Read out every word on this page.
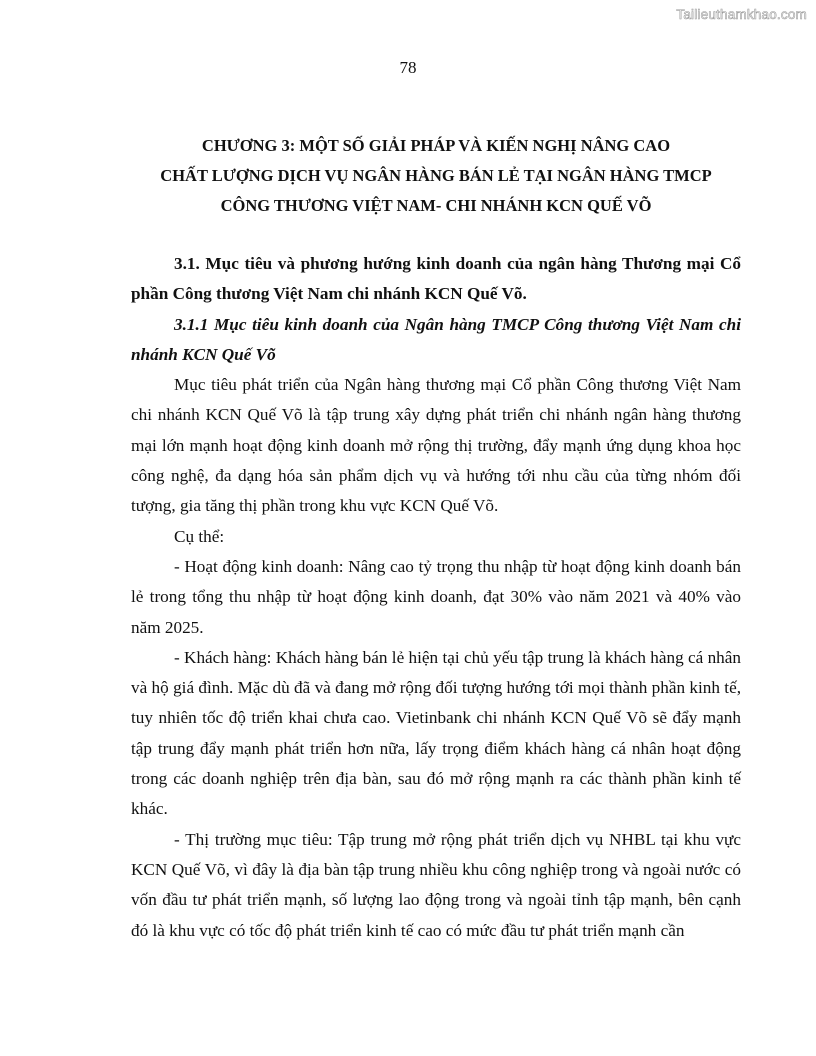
Tailieuthamkhao.com
78
CHƯƠNG 3: MỘT SỐ GIẢI PHÁP VÀ KIẾN NGHỊ NÂNG CAO
CHẤT LƯỢNG DỊCH VỤ NGÂN HÀNG BÁN LẺ TẠI NGÂN HÀNG TMCP
CÔNG THƯƠNG VIỆT NAM- CHI NHÁNH KCN QUẾ VÕ

3.1. Mục tiêu và phương hướng kinh doanh của ngân hàng Thương mại Cổ phần Công thương Việt Nam chi nhánh KCN Quế Võ.

3.1.1 Mục tiêu kinh doanh của Ngân hàng TMCP Công thương Việt Nam chi nhánh KCN Quế Võ

Mục tiêu phát triển của Ngân hàng thương mại Cổ phần Công thương Việt Nam chi nhánh KCN Quế Võ là tập trung xây dựng phát triển chi nhánh ngân hàng thương mại lớn mạnh hoạt động kinh doanh mở rộng thị trường, đẩy mạnh ứng dụng khoa học công nghệ, đa dạng hóa sản phẩm dịch vụ và hướng tới nhu cầu của từng nhóm đối tượng, gia tăng thị phần trong khu vực KCN Quế Võ.

Cụ thể:

- Hoạt động kinh doanh: Nâng cao tỷ trọng thu nhập từ hoạt động kinh doanh bán lẻ trong tổng thu nhập từ hoạt động kinh doanh, đạt 30% vào năm 2021 và 40% vào năm 2025.

- Khách hàng: Khách hàng bán lẻ hiện tại chủ yếu tập trung là khách hàng cá nhân và hộ giá đình. Mặc dù đã và đang mở rộng đối tượng hướng tới mọi thành phần kinh tế, tuy nhiên tốc độ triển khai chưa cao. Vietinbank chi nhánh KCN Quế Võ sẽ đẩy mạnh tập trung đẩy mạnh phát triển hơn nữa, lấy trọng điểm khách hàng cá nhân hoạt động trong các doanh nghiệp trên địa bàn, sau đó mở rộng mạnh ra các thành phần kinh tế khác.

- Thị trường mục tiêu: Tập trung mở rộng phát triển dịch vụ NHBL tại khu vực KCN Quế Võ, vì đây là địa bàn tập trung nhiều khu công nghiệp trong và ngoài nước có vốn đầu tư phát triển mạnh, số lượng lao động trong và ngoài tỉnh tập mạnh, bên cạnh đó là khu vực có tốc độ phát triển kinh tế cao có mức đầu tư phát triển mạnh cần
